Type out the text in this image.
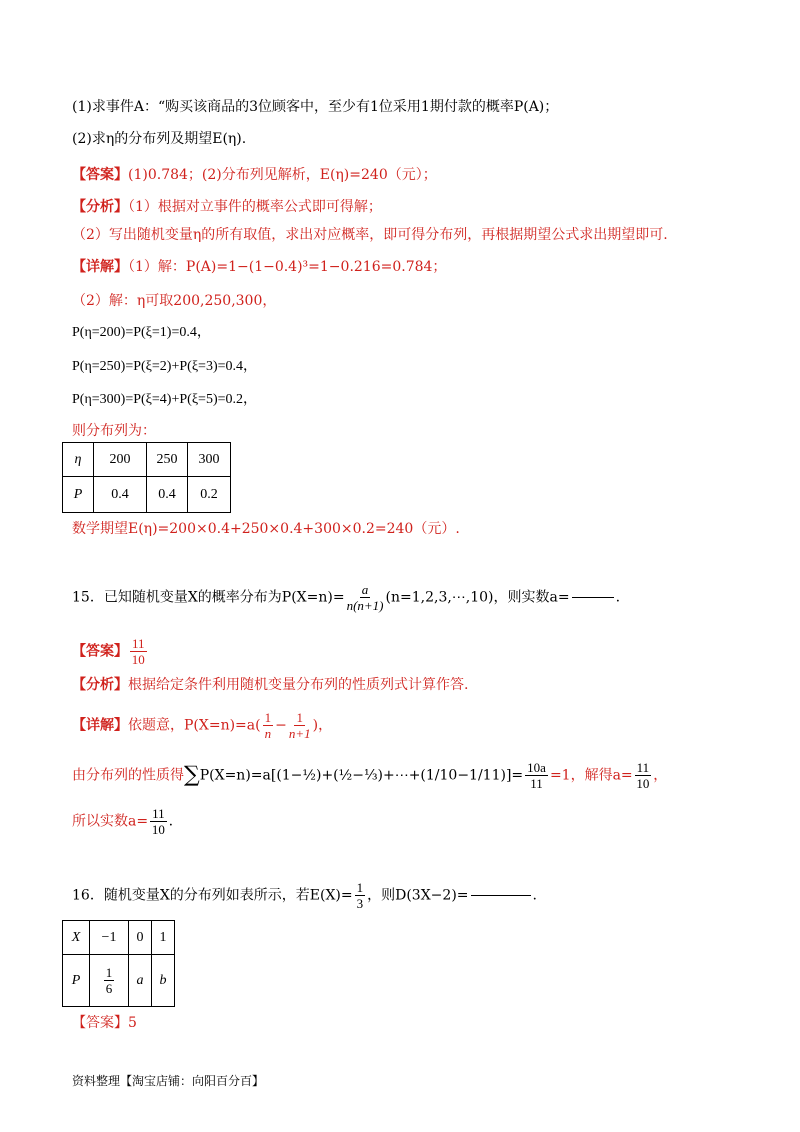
(1)求事件A：“购买该商品的3位顾客中，至少有1位采用1期付款的概率P(A)；
(2)求η的分布列及期望E(η).
【答案】(1)0.784；(2)分布列见解析，E(η)=240（元）；
【分析】（1）根据对立事件的概率公式即可得解；
（2）写出随机变量η的所有取值，求出对应概率，即可得分布列，再根据期望公式求出期望即可.
【详解】（1）解：P(A)=1−(1−0.4)³=1−0.216=0.784；
（2）解：η可取200,250,300，
P(η=200)=P(ξ=1)=0.4，
P(η=250)=P(ξ=2)+P(ξ=3)=0.4，
P(η=300)=P(ξ=4)+P(ξ=5)=0.2，
则分布列为：
η	200	250	300
P	0.4	0.4	0.2
数学期望E(η)=200×0.4+250×0.4+300×0.2=240（元）.
15．已知随机变量X的概率分布为$P(X=n)= \frac{a}{n(n+1)}$ (n=1,2,3,⋯,10)，则实数a=	.
【答案】 $\frac{11}{10}$
【分析】根据给定条件利用随机变量分布列的性质列式计算作答.
【详解】依题意，$P(X=n)=a( \frac{1}{n} - \frac{1}{n+1}$ )，
由分布列的性质得∑P(X=n)=a[(1−½)+(½−⅓)+⋯+(1/10−1/11)]= $\frac{10a}{11} =1$，解得$a= \frac{11}{10}$ ，
所以实数$a= \frac{11}{10}$ .
16．随机变量X的分布列如表所示，若$E(X)= \frac{1}{3}$ ，则D(3X−2)=	.
X	−1	0	1
P	$\frac{1}{6}$	a	b
【答案】5
资料整理【淘宝店铺：向阳百分百】
